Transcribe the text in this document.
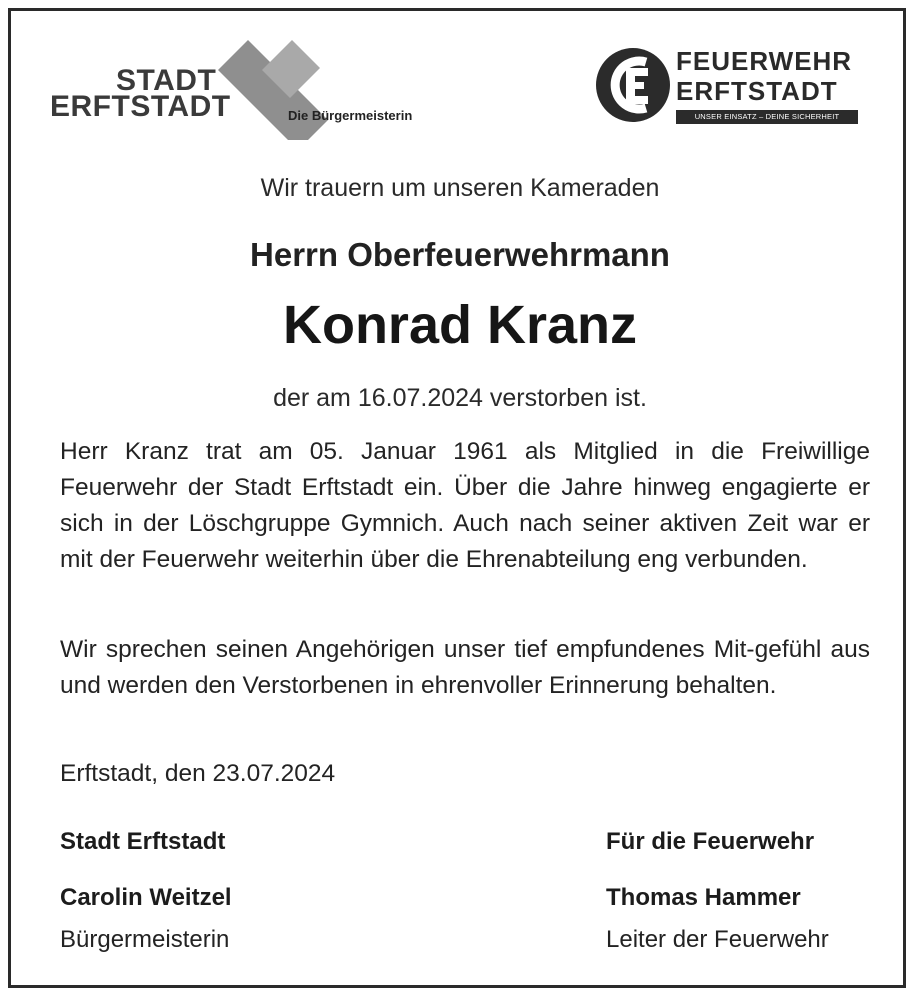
STADT
ERFTSTADT	Die Bürgermeisterin
FEUERWEHR
ERFTSTADT
UNSER EINSATZ – DEINE SICHERHEIT
Wir trauern um unseren Kameraden
Herrn Oberfeuerwehrmann
Konrad Kranz
der am 16.07.2024 verstorben ist.
Herr Kranz trat am 05. Januar 1961 als Mitglied in die Freiwillige Feuerwehr der Stadt Erftstadt ein. Über die Jahre hinweg engagierte er sich in der Löschgruppe Gymnich. Auch nach seiner aktiven Zeit war er mit der Feuerwehr weiterhin über die Ehrenabteilung eng verbunden.
Wir sprechen seinen Angehörigen unser tief empfundenes Mit-gefühl aus und werden den Verstorbenen in ehrenvoller Erinnerung behalten.
Erftstadt, den 23.07.2024
Stadt Erftstadt
Carolin Weitzel
Bürgermeisterin
Für die Feuerwehr
Thomas Hammer
Leiter der Feuerwehr
